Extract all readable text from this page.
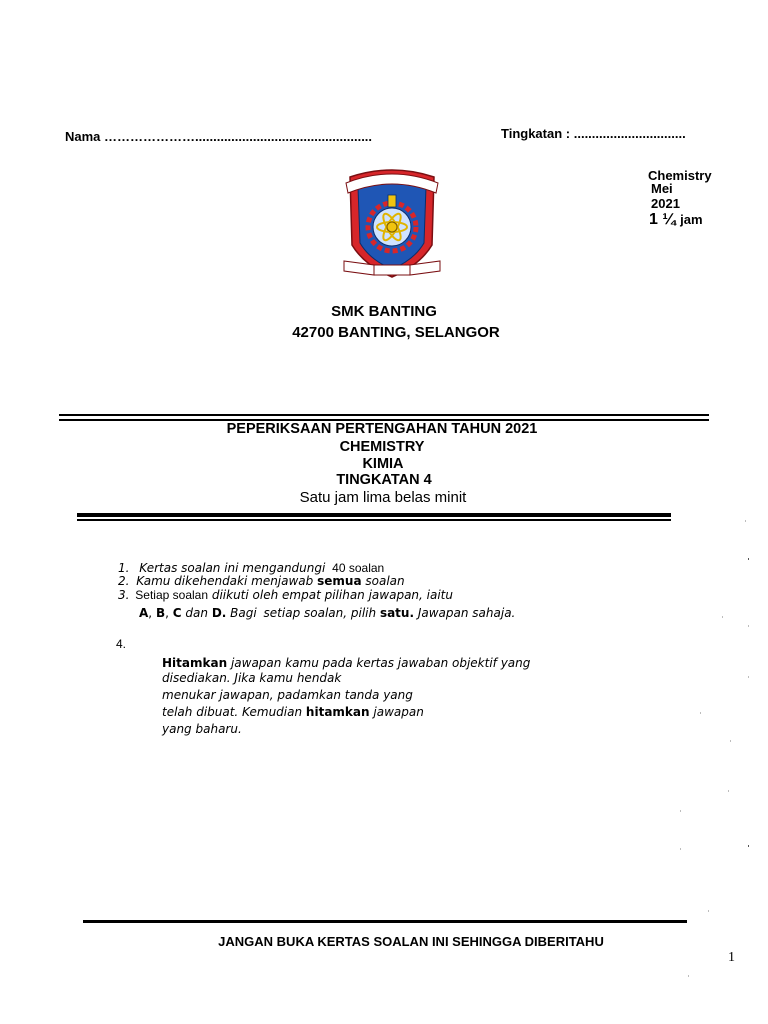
Nama ………………….................................................	Tingkatan : ...............................
Chemistry
Mei
2021
1 ¼ jam
SMK BANTING
42700 BANTING, SELANGOR
PEPERIKSAAN PERTENGAHAN TAHUN 2021
CHEMISTRY
KIMIA
TINGKATAN 4
Satu jam lima belas minit
1. Kertas soalan ini mengandungi 40 soalan
2. Kamu dikehendaki menjawab semua soalan
3. Setiap soalan diikuti oleh empat pilihan jawapan, iaitu
A, B, C dan D. Bagi setiap soalan, pilih satu. Jawapan sahaja.
4.
Hitamkan jawapan kamu pada kertas jawaban objektif yang
disediakan. Jika kamu hendak
menukar jawapan, padamkan tanda yang
telah dibuat. Kemudian hitamkan jawapan
yang baharu.
JANGAN BUKA KERTAS SOALAN INI SEHINGGA DIBERITAHU
1
